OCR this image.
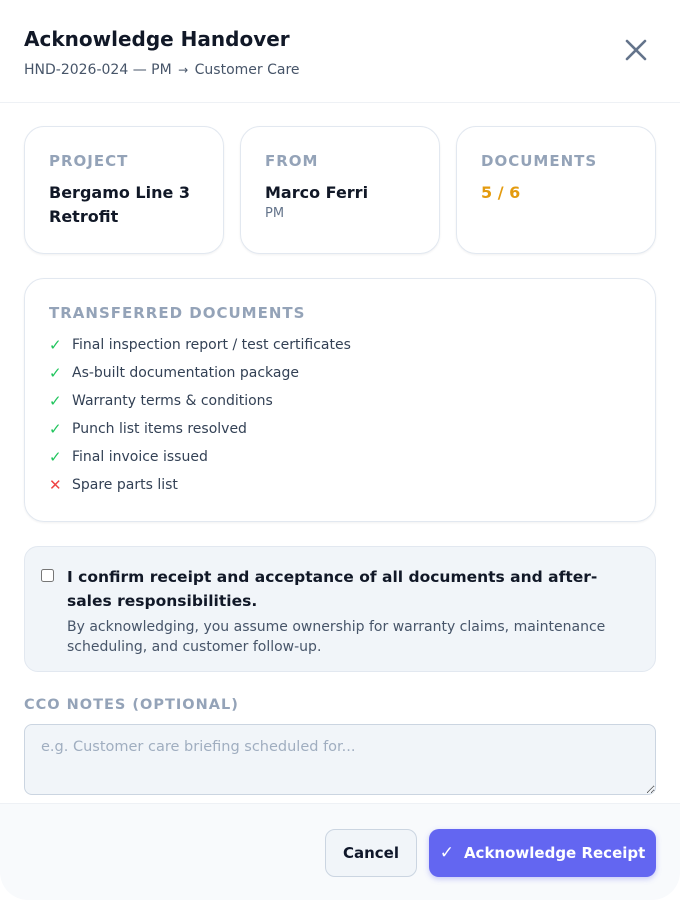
Acknowledge Handover
HND-2026-024 — PM → Customer Care
PROJECT
Bergamo Line 3 Retrofit
FROM
Marco Ferri
PM
DOCUMENTS
5 / 6
TRANSFERRED DOCUMENTS
✓ Final inspection report / test certificates
✓ As-built documentation package
✓ Warranty terms & conditions
✓ Punch list items resolved
✓ Final invoice issued
✕ Spare parts list
I confirm receipt and acceptance of all documents and after-sales responsibilities.
By acknowledging, you assume ownership for warranty claims, maintenance scheduling, and customer follow-up.
CCO NOTES (OPTIONAL)
e.g. Customer care briefing scheduled for...
Cancel	✓ Acknowledge Receipt
